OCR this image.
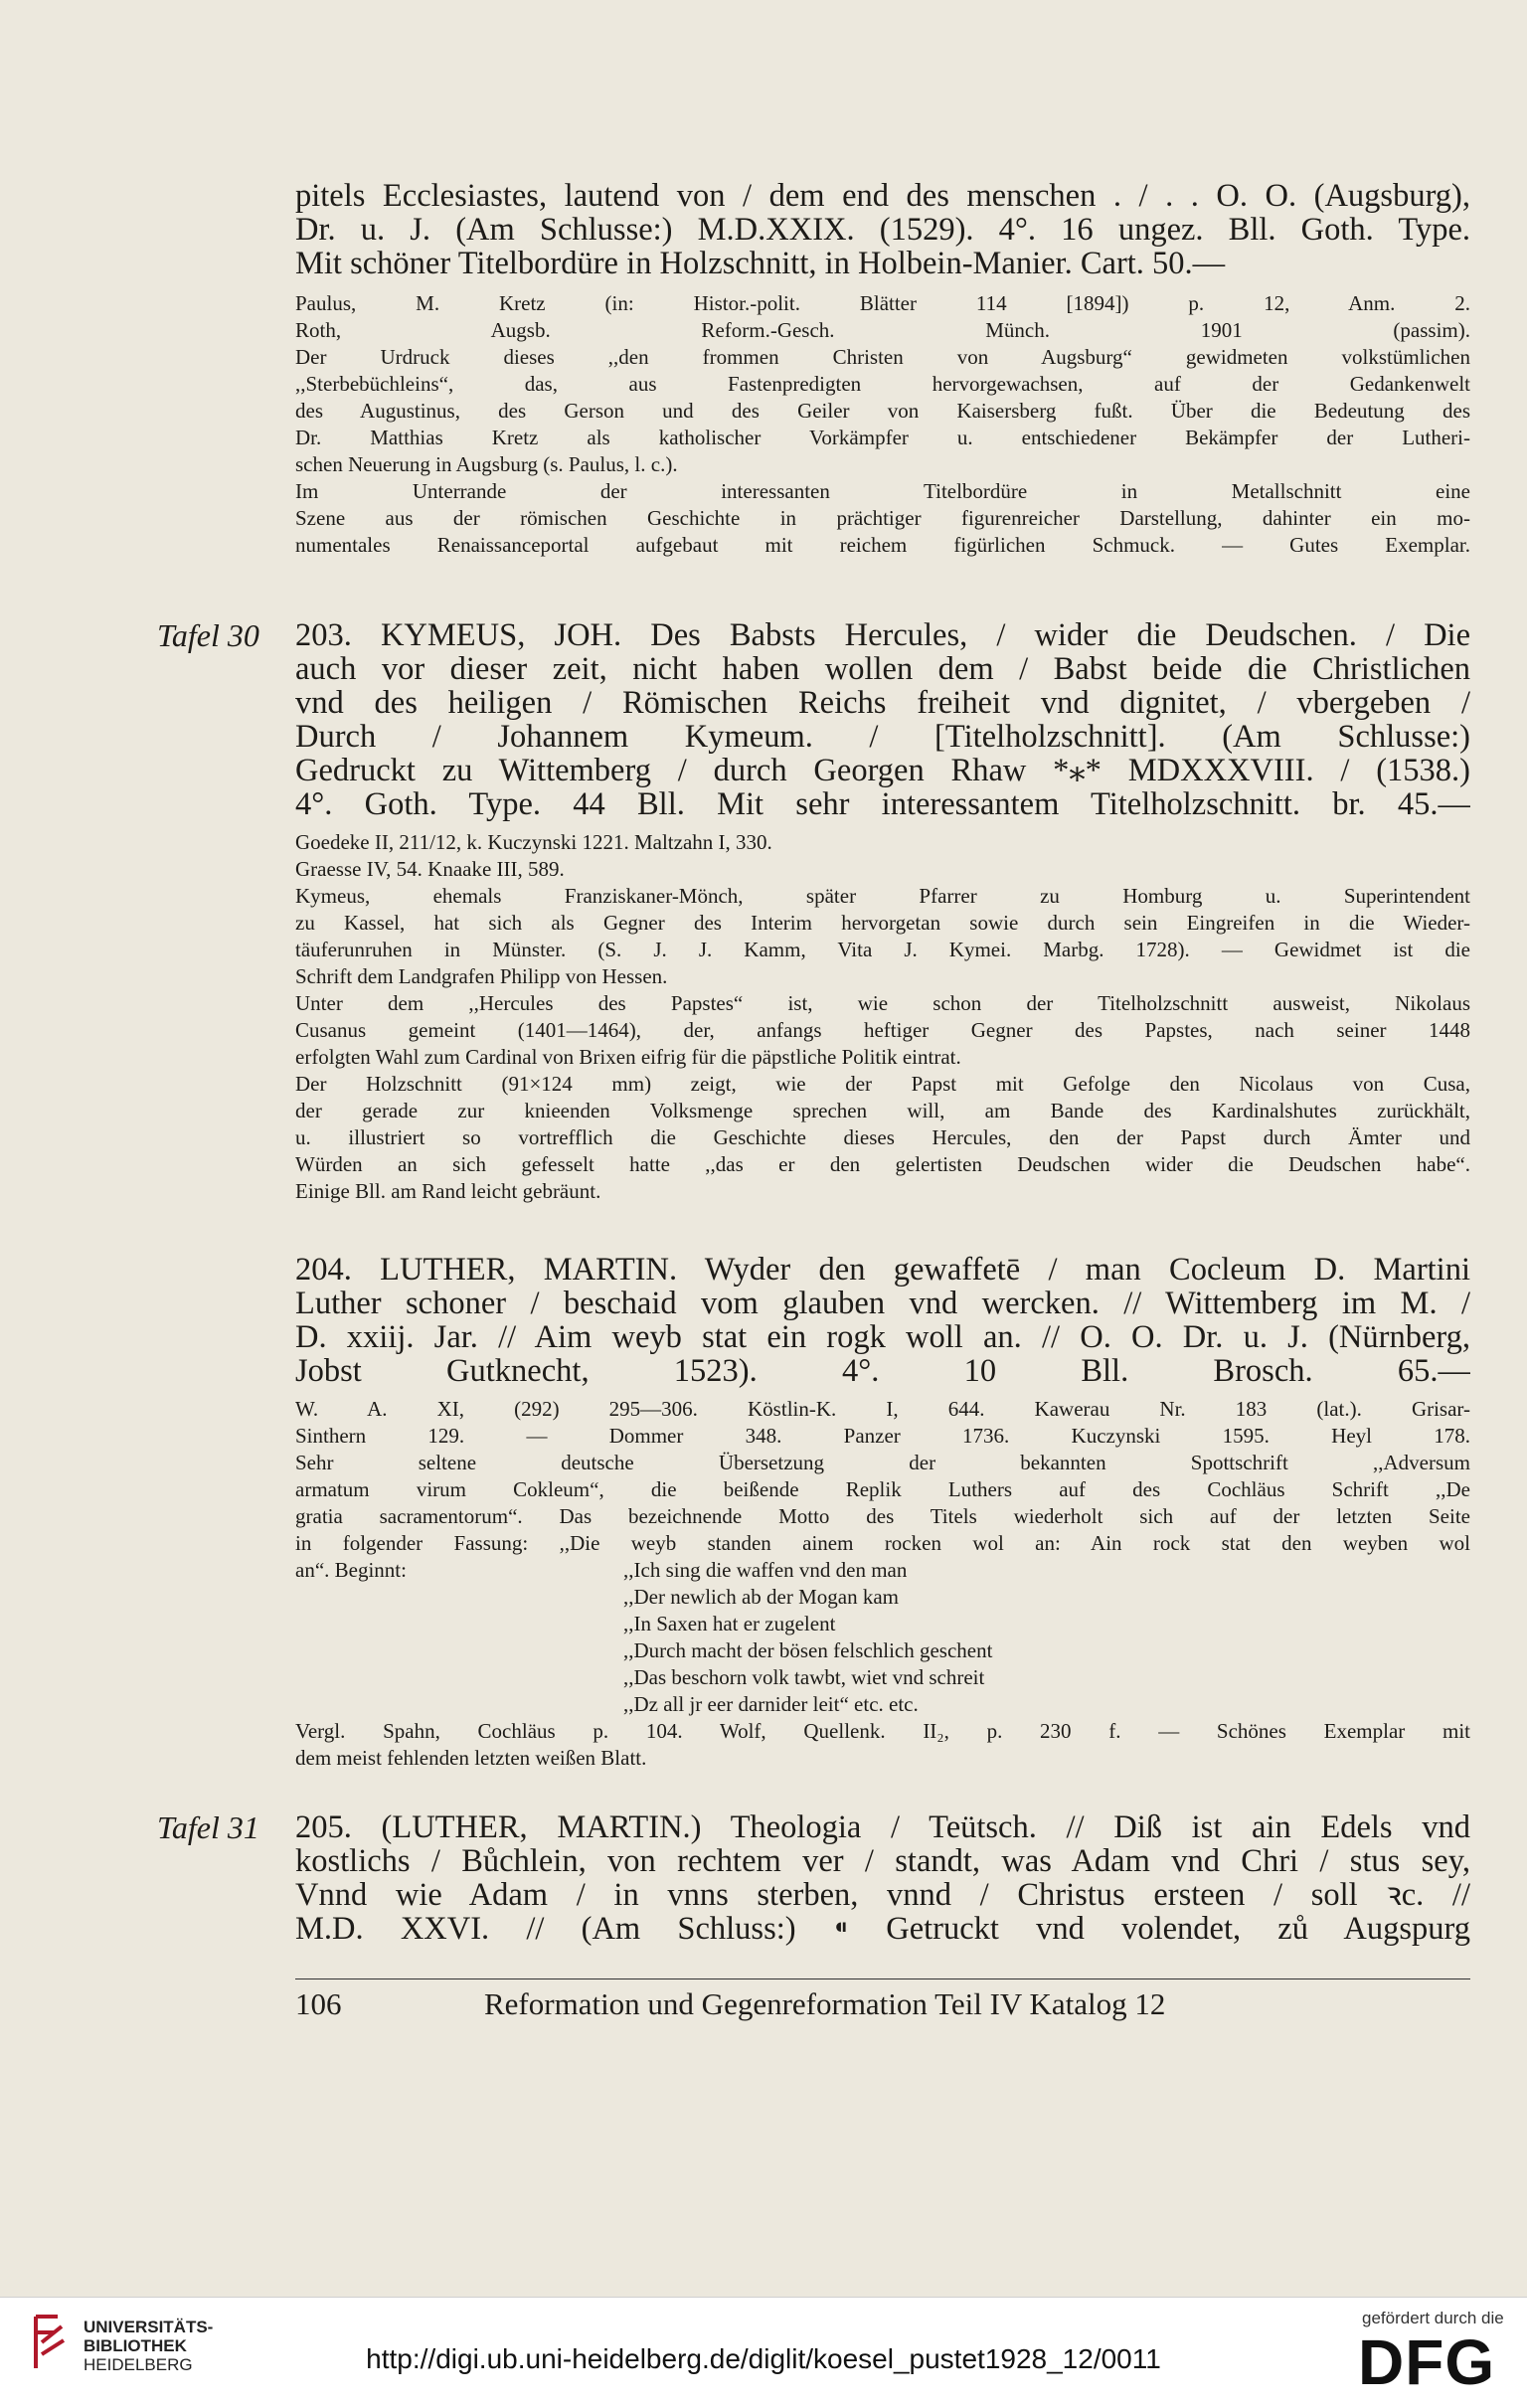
pitels Ecclesiastes, lautend von / dem end des menschen . / . . O. O. (Augsburg),
Dr. u. J. (Am Schlusse:) M.D.XXIX. (1529). 4°. 16 ungez. Bll. Goth. Type.
Mit schöner Titelbordüre in Holzschnitt, in Holbein-Manier. Cart. 50.—
Paulus, M. Kretz (in: Histor.-polit. Blätter 114 [1894]) p. 12, Anm. 2.
Roth, Augsb. Reform.-Gesch. Münch. 1901 (passim).
Der Urdruck dieses ,,den frommen Christen von Augsburg“ gewidmeten volkstümlichen
,,Sterbebüchleins“, das, aus Fastenpredigten hervorgewachsen, auf der Gedankenwelt
des Augustinus, des Gerson und des Geiler von Kaisersberg fußt. Über die Bedeutung des
Dr. Matthias Kretz als katholischer Vorkämpfer u. entschiedener Bekämpfer der Lutheri-
schen Neuerung in Augsburg (s. Paulus, l. c.).
Im Unterrande der interessanten Titelbordüre in Metallschnitt eine
Szene aus der römischen Geschichte in prächtiger figurenreicher Darstellung, dahinter ein mo-
numentales Renaissanceportal aufgebaut mit reichem figürlichen Schmuck. — Gutes Exemplar.
Tafel 30 203. KYMEUS, JOH. Des Babsts Hercules, / wider die Deudschen. / Die
auch vor dieser zeit, nicht haben wollen dem / Babst beide die Christlichen
vnd des heiligen / Römischen Reichs freiheit vnd dignitet, / vbergeben /
Durch / Johannem Kymeum. / [Titelholzschnitt]. (Am Schlusse:)
Gedruckt zu Wittemberg / durch Georgen Rhaw *⁎* MDXXXVIII. / (1538.)
4°. Goth. Type. 44 Bll. Mit sehr interessantem Titelholzschnitt. br. 45.—
Goedeke II, 211/12, k. Kuczynski 1221. Maltzahn I, 330.
Graesse IV, 54. Knaake III, 589.
Kymeus, ehemals Franziskaner-Mönch, später Pfarrer zu Homburg u. Superintendent
zu Kassel, hat sich als Gegner des Interim hervorgetan sowie durch sein Eingreifen in die Wieder-
täuferunruhen in Münster. (S. J. J. Kamm, Vita J. Kymei. Marbg. 1728). — Gewidmet ist die
Schrift dem Landgrafen Philipp von Hessen.
Unter dem ,,Hercules des Papstes“ ist, wie schon der Titelholzschnitt ausweist, Nikolaus
Cusanus gemeint (1401—1464), der, anfangs heftiger Gegner des Papstes, nach seiner 1448
erfolgten Wahl zum Cardinal von Brixen eifrig für die päpstliche Politik eintrat.
Der Holzschnitt (91×124 mm) zeigt, wie der Papst mit Gefolge den Nicolaus von Cusa,
der gerade zur knieenden Volksmenge sprechen will, am Bande des Kardinalshutes zurückhält,
u. illustriert so vortrefflich die Geschichte dieses Hercules, den der Papst durch Ämter und
Würden an sich gefesselt hatte ,,das er den gelertisten Deudschen wider die Deudschen habe“.
Einige Bll. am Rand leicht gebräunt.
204. LUTHER, MARTIN. Wyder den gewaffetē / man Cocleum D. Martini
Luther schoner / beschaid vom glauben vnd wercken. // Wittemberg im M. /
D. xxiij. Jar. // Aim weyb stat ein rogk woll an. // O. O. Dr. u. J. (Nürnberg,
Jobst Gutknecht, 1523). 4°. 10 Bll. Brosch. 65.—
W. A. XI, (292) 295—306. Köstlin-K. I, 644. Kawerau Nr. 183 (lat.). Grisar-
Sinthern 129. — Dommer 348. Panzer 1736. Kuczynski 1595. Heyl 178.
Sehr seltene deutsche Übersetzung der bekannten Spottschrift ,,Adversum
armatum virum Cokleum“, die beißende Replik Luthers auf des Cochläus Schrift ,,De
gratia sacramentorum“. Das bezeichnende Motto des Titels wiederholt sich auf der letzten Seite
in folgender Fassung: ,,Die weyb standen ainem rocken wol an: Ain rock stat den weyben wol
an“. Beginnt:	,,Ich sing die waffen vnd den man
,,Der newlich ab der Mogan kam
,,In Saxen hat er zugelent
,,Durch macht der bösen felschlich geschent
,,Das beschorn volk tawbt, wiet vnd schreit
,,Dz all jr eer darnider leit“ etc. etc.
Vergl. Spahn, Cochläus p. 104. Wolf, Quellenk. II₂, p. 230 f. — Schönes Exemplar mit
dem meist fehlenden letzten weißen Blatt.
Tafel 31 205. (LUTHER, MARTIN.) Theologia / Teütsch. // Diß ist ain Edels vnd
kostlichs / Bůchlein, von rechtem ver / standt, was Adam vnd Chri / stus sey,
Vnnd wie Adam / in vnns sterben, vnnd / Christus ersteen / soll ꝛc. //
M.D. XXVI. // (Am Schluss:) ⁌ Getruckt vnd volendet, zů Augspurg
106	Reformation und Gegenreformation Teil IV Katalog 12
UNIVERSITÄTS-
BIBLIOTHEK
HEIDELBERG	http://digi.ub.uni-heidelberg.de/diglit/koesel_pustet1928_12/0011
gefördert durch die
DFG
